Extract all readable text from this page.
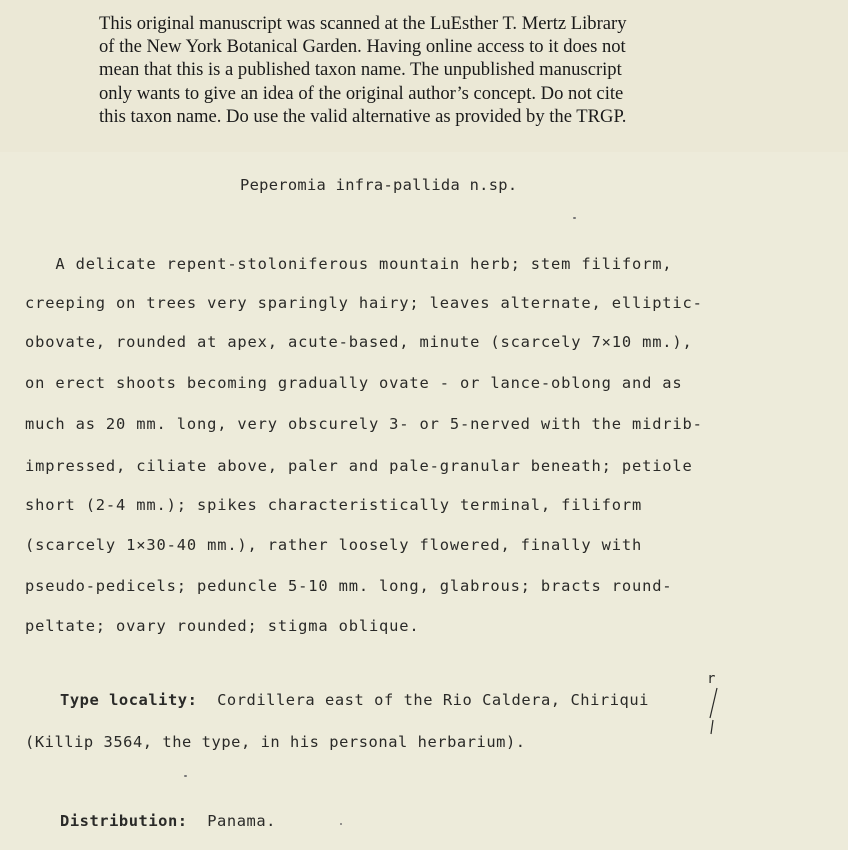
This original manuscript was scanned at the LuEsther T. Mertz Library
of the New York Botanical Garden. Having online access to it does not
mean that this is a published taxon name. The unpublished manuscript
only wants to give an idea of the original author’s concept. Do not cite
this taxon name. Do use the valid alternative as provided by the TRGP.
Peperomia infra-pallida n.sp.
A delicate repent-stoloniferous mountain herb; stem filiform,
creeping on trees very sparingly hairy; leaves alternate, elliptic-
obovate, rounded at apex, acute-based, minute (scarcely 7×10 mm.),
on erect shoots becoming gradually ovate - or lance-oblong and as
much as 20 mm. long, very obscurely 3- or 5-nerved with the midrib-
impressed, ciliate above, paler and pale-granular beneath; petiole
short (2-4 mm.); spikes characteristically terminal, filiform
(scarcely 1×30-40 mm.), rather loosely flowered, finally with
pseudo-pedicels; peduncle 5-10 mm. long, glabrous; bracts round-
peltate; ovary rounded; stigma oblique.
Type locality:  Cordillera east of the Rio Caldera, Chiriqui
r
(Killip 3564, the type, in his personal herbarium).
Distribution:  Panama.
